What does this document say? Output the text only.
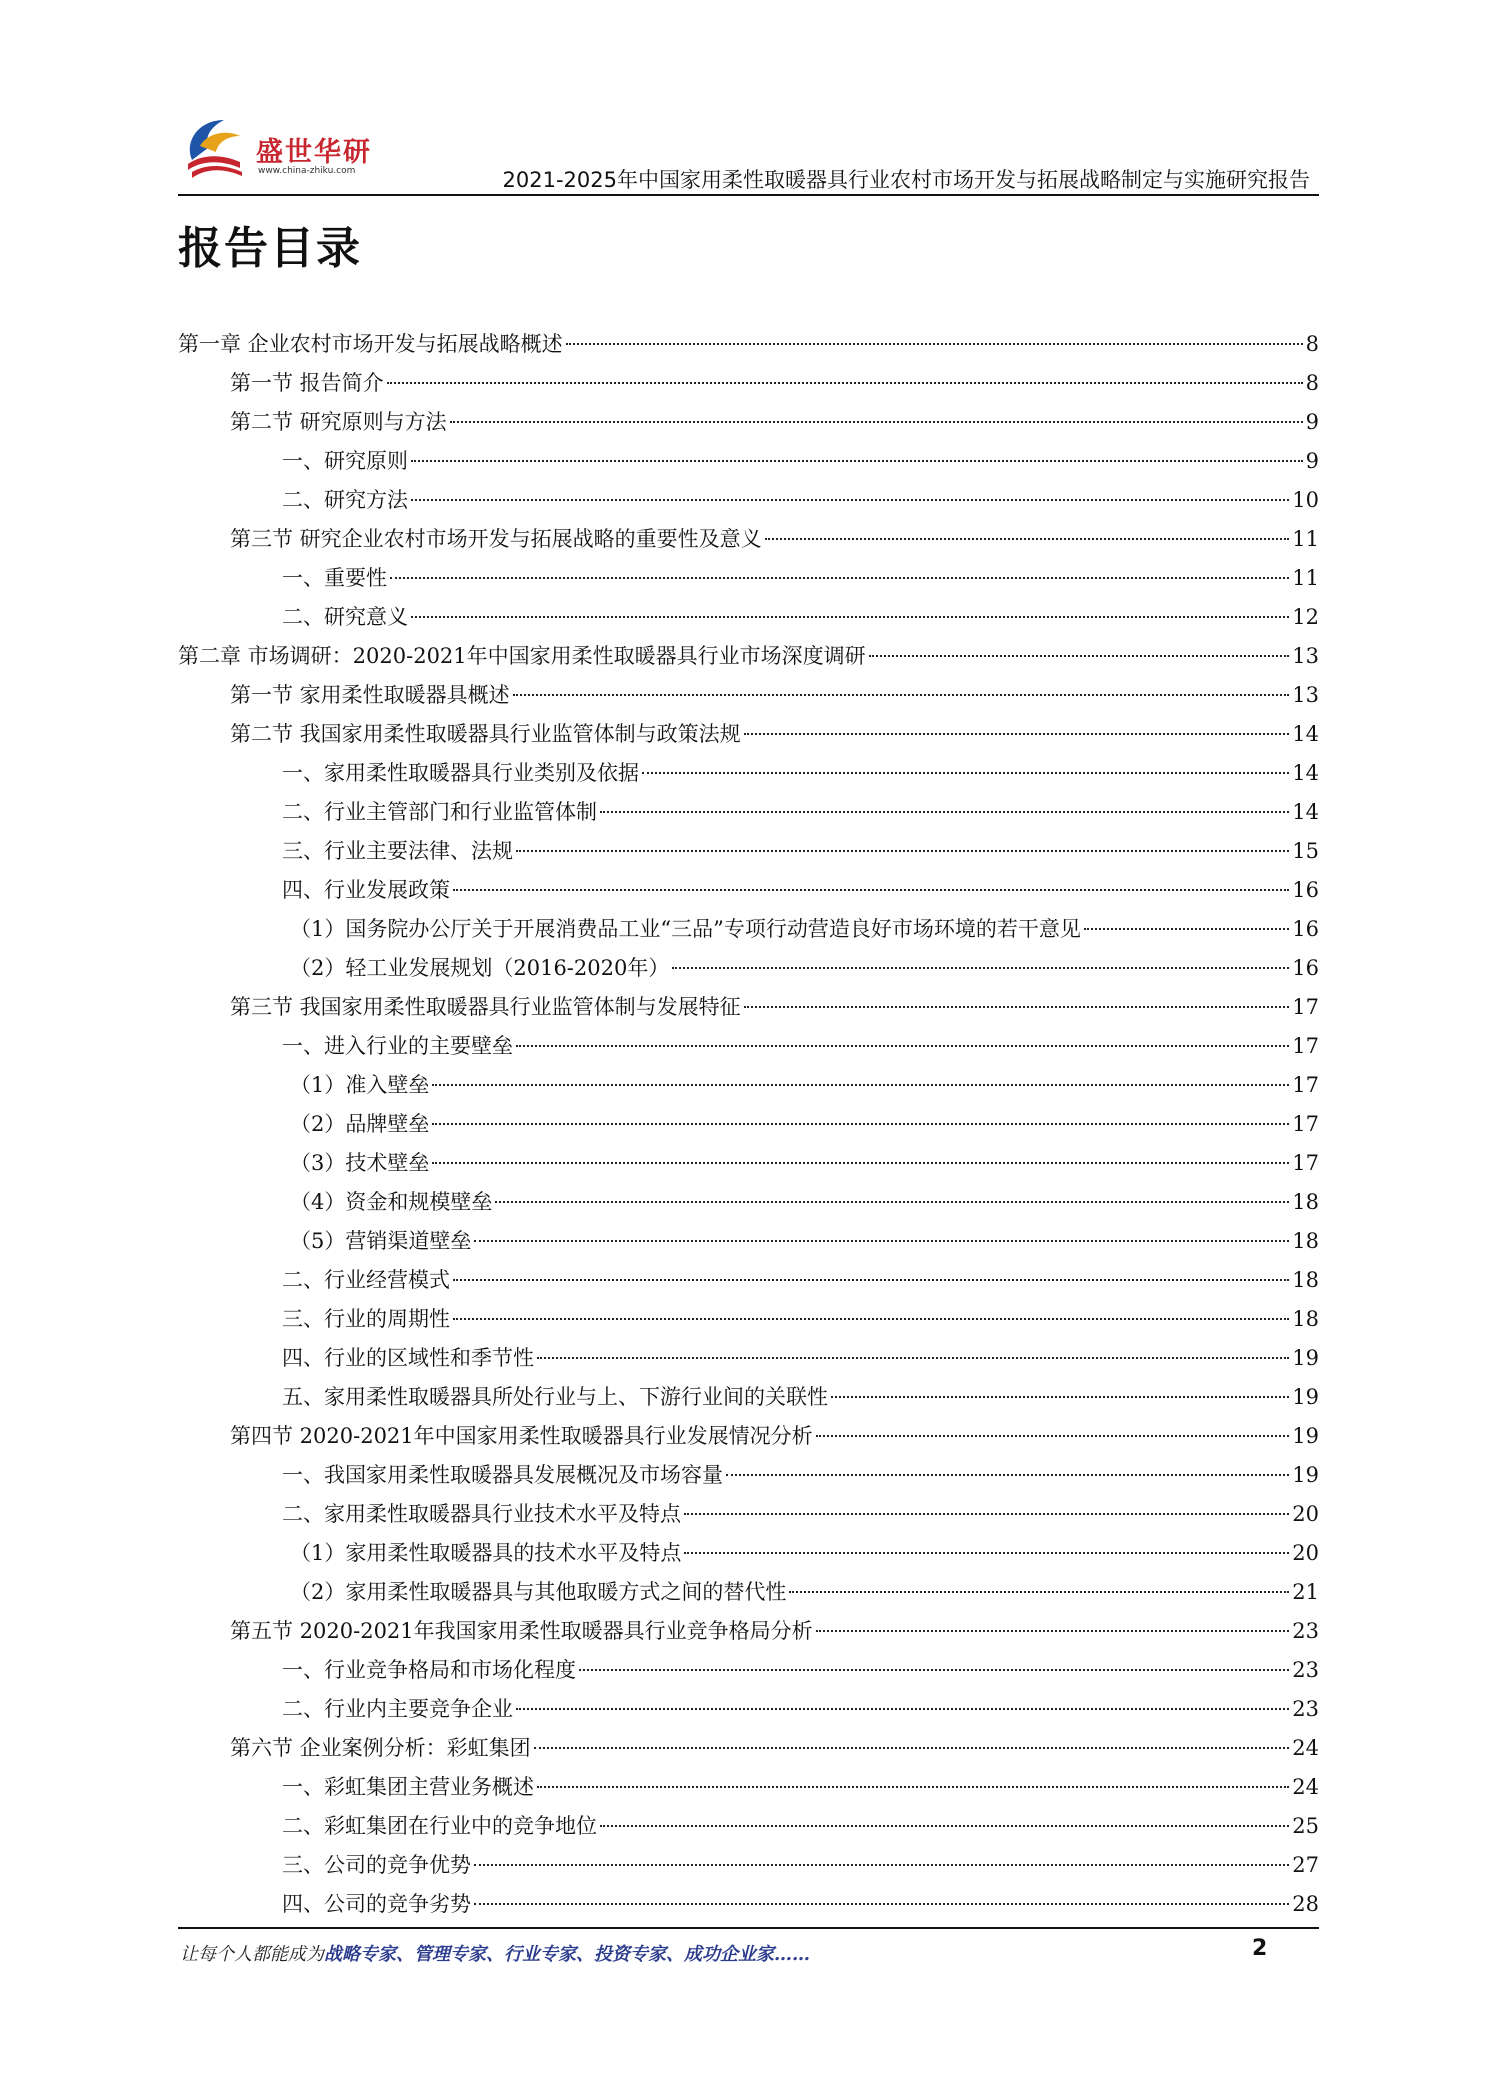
盛世华研
www.china-zhiku.com	2021-2025年中国家用柔性取暖器具行业农村市场开发与拓展战略制定与实施研究报告
报告目录
第一章 企业农村市场开发与拓展战略概述	8
第一节 报告简介	8
第二节 研究原则与方法	9
一、研究原则	9
二、研究方法	10
第三节 研究企业农村市场开发与拓展战略的重要性及意义	11
一、重要性	11
二、研究意义	12
第二章 市场调研：2020-2021年中国家用柔性取暖器具行业市场深度调研	13
第一节 家用柔性取暖器具概述	13
第二节 我国家用柔性取暖器具行业监管体制与政策法规	14
一、家用柔性取暖器具行业类别及依据	14
二、行业主管部门和行业监管体制	14
三、行业主要法律、法规	15
四、行业发展政策	16
（1）国务院办公厅关于开展消费品工业“三品”专项行动营造良好市场环境的若干意见	16
（2）轻工业发展规划（2016-2020年）	16
第三节 我国家用柔性取暖器具行业监管体制与发展特征	17
一、进入行业的主要壁垒	17
（1）准入壁垒	17
（2）品牌壁垒	17
（3）技术壁垒	17
（4）资金和规模壁垒	18
（5）营销渠道壁垒	18
二、行业经营模式	18
三、行业的周期性	18
四、行业的区域性和季节性	19
五、家用柔性取暖器具所处行业与上、下游行业间的关联性	19
第四节 2020-2021年中国家用柔性取暖器具行业发展情况分析	19
一、我国家用柔性取暖器具发展概况及市场容量	19
二、家用柔性取暖器具行业技术水平及特点	20
（1）家用柔性取暖器具的技术水平及特点	20
（2）家用柔性取暖器具与其他取暖方式之间的替代性	21
第五节 2020-2021年我国家用柔性取暖器具行业竞争格局分析	23
一、行业竞争格局和市场化程度	23
二、行业内主要竞争企业	23
第六节 企业案例分析：彩虹集团	24
一、彩虹集团主营业务概述	24
二、彩虹集团在行业中的竞争地位	25
三、公司的竞争优势	27
四、公司的竞争劣势	28
让每个人都能成为战略专家、管理专家、行业专家、投资专家、成功企业家……	2
